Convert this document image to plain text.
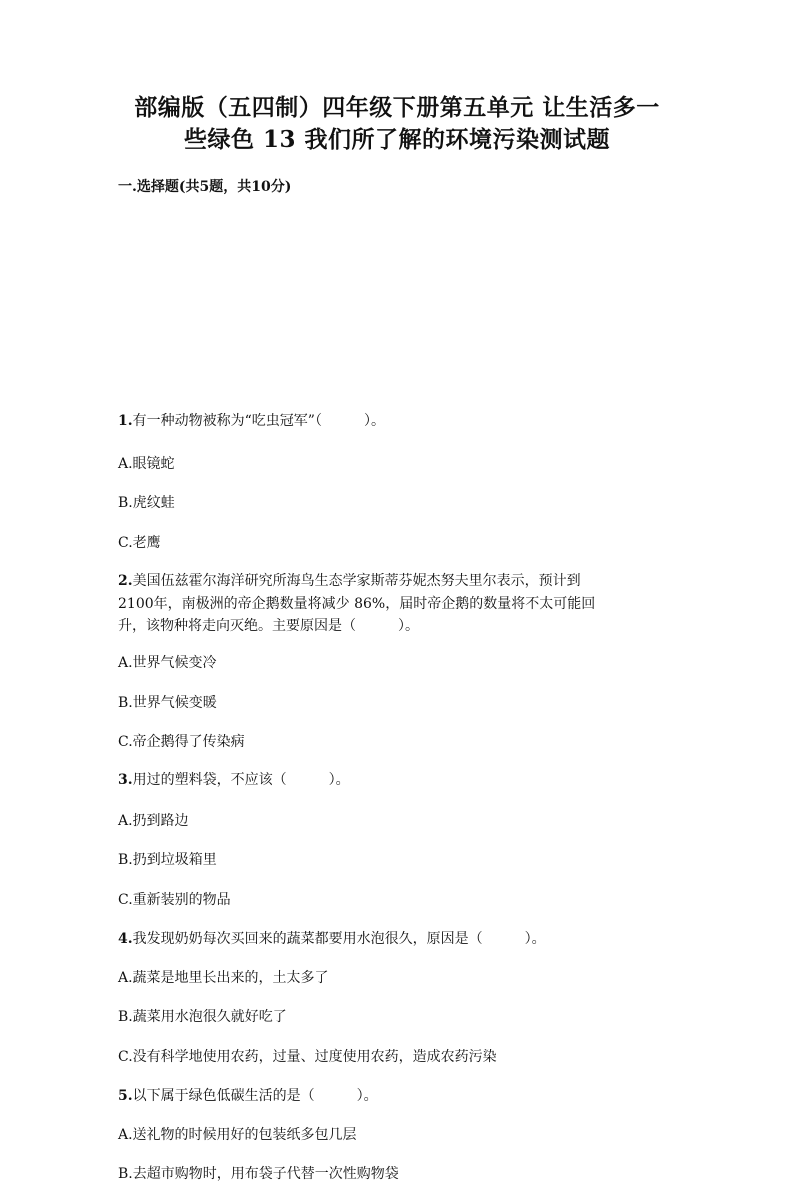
部编版（五四制）四年级下册第五单元 让生活多一
些绿色 13 我们所了解的环境污染测试题
一.选择题(共5题，共10分)
1.有一种动物被称为“吃虫冠军”（　　　）。
A.眼镜蛇
B.虎纹蛙
C.老鹰
2.美国伍兹霍尔海洋研究所海鸟生态学家斯蒂芬妮杰努夫里尔表示，预计到
2100年，南极洲的帝企鹅数量将减少 86%，届时帝企鹅的数量将不太可能回
升，该物种将走向灭绝。主要原因是（　　　）。
A.世界气候变冷
B.世界气候变暖
C.帝企鹅得了传染病
3.用过的塑料袋，不应该（　　　）。
A.扔到路边
B.扔到垃圾箱里
C.重新装别的物品
4.我发现奶奶每次买回来的蔬菜都要用水泡很久，原因是（　　　）。
A.蔬菜是地里长出来的，土太多了
B.蔬菜用水泡很久就好吃了
C.没有科学地使用农药，过量、过度使用农药，造成农药污染
5.以下属于绿色低碳生活的是（　　　）。
A.送礼物的时候用好的包装纸多包几层
B.去超市购物时，用布袋子代替一次性购物袋
